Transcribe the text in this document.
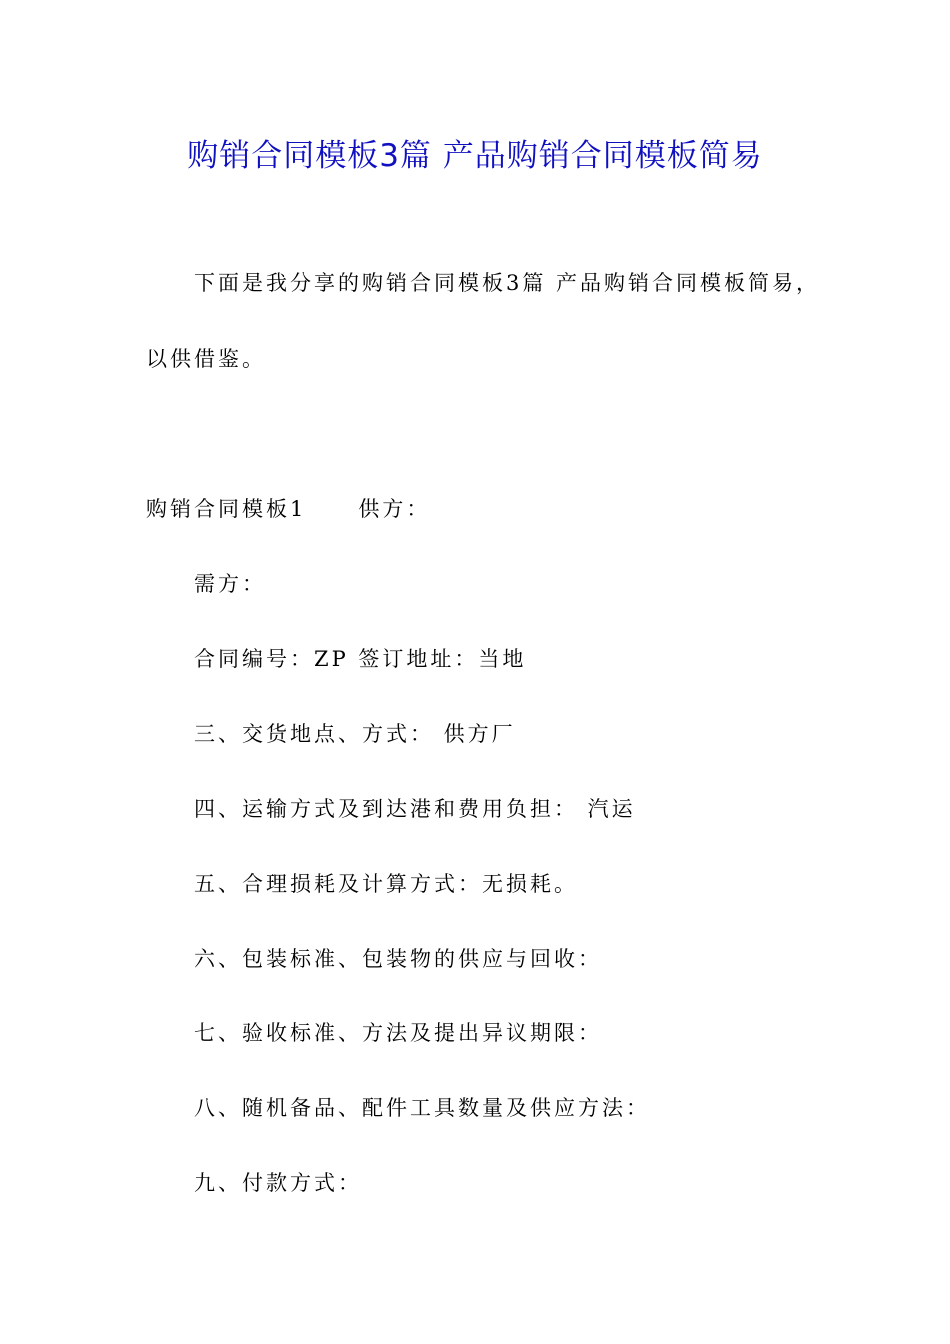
购销合同模板3篇 产品购销合同模板简易
下面是我分享的购销合同模板3篇 产品购销合同模板简易，
以供借鉴。
购销合同模板1 供方：
需方：
合同编号：ZP 签订地址：当地
三、交货地点、方式： 供方厂
四、运输方式及到达港和费用负担： 汽运
五、合理损耗及计算方式：无损耗。
六、包装标准、包装物的供应与回收：
七、验收标准、方法及提出异议期限：
八、随机备品、配件工具数量及供应方法：
九、付款方式：
